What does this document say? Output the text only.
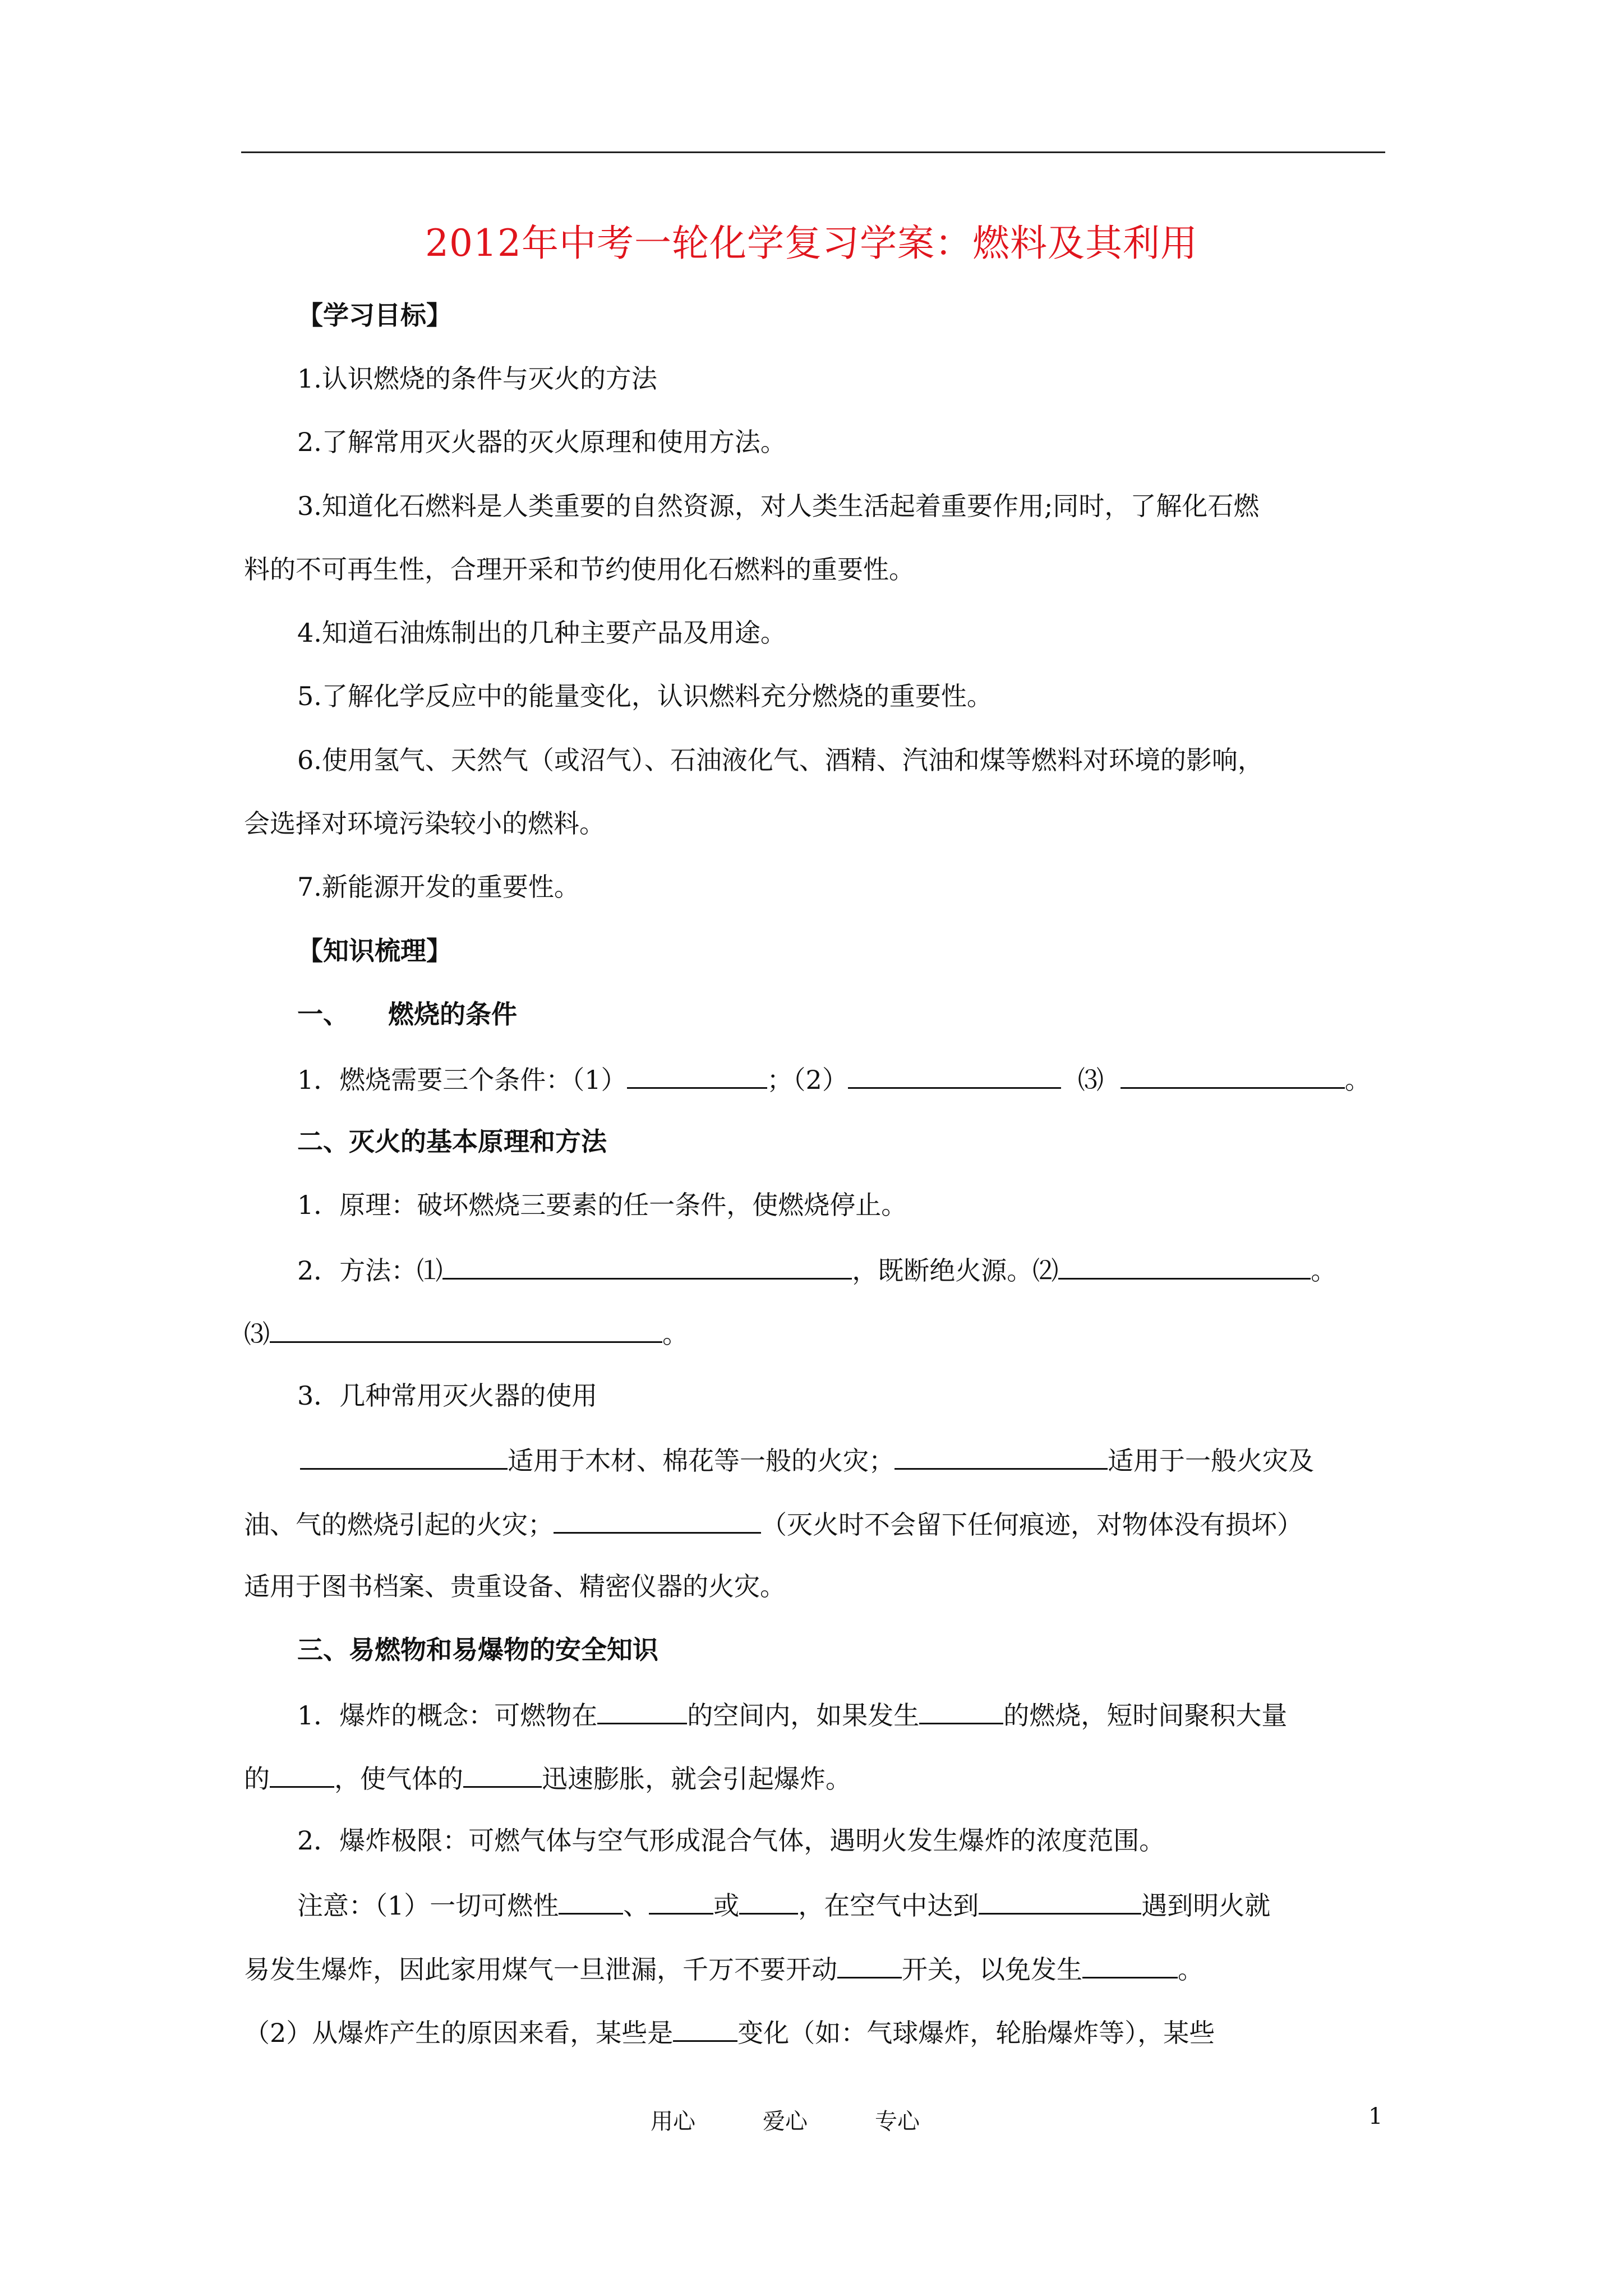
2012年中考一轮化学复习学案：燃料及其利用
【学习目标】
1.认识燃烧的条件与灭火的方法
2.了解常用灭火器的灭火原理和使用方法。
3.知道化石燃料是人类重要的自然资源，对人类生活起着重要作用;同时，了解化石燃
料的不可再生性，合理开采和节约使用化石燃料的重要性。
4.知道石油炼制出的几种主要产品及用途。
5.了解化学反应中的能量变化，认识燃料充分燃烧的重要性。
6.使用氢气、天然气（或沼气）、石油液化气、酒精、汽油和煤等燃料对环境的影响，
会选择对环境污染较小的燃料。
7.新能源开发的重要性。
【知识梳理】
一、 燃烧的条件
1．燃烧需要三个条件：（1）	；（2）	⑶	。
二、灭火的基本原理和方法
1．原理：破坏燃烧三要素的任一条件，使燃烧停止。
2．方法：⑴	，既断绝火源。⑵	。
⑶	。
3．几种常用灭火器的使用
适用于木材、棉花等一般的火灾；	适用于一般火灾及
油、气的燃烧引起的火灾；	（灭火时不会留下任何痕迹，对物体没有损坏）
适用于图书档案、贵重设备、精密仪器的火灾。
三、易燃物和易爆物的安全知识
1．爆炸的概念：可燃物在	的空间内，如果发生	的燃烧，短时间聚积大量
的	，使气体的	迅速膨胀，就会引起爆炸。
2．爆炸极限：可燃气体与空气形成混合气体，遇明火发生爆炸的浓度范围。
注意：（1）一切可燃性	、	或 ，在空气中达到	遇到明火就
易发生爆炸，因此家用煤气一旦泄漏，千万不要开动	开关，以免发生	。
（2）从爆炸产生的原因来看，某些是	变化（如：气球爆炸，轮胎爆炸等），某些
用心	爱心	专心	1
